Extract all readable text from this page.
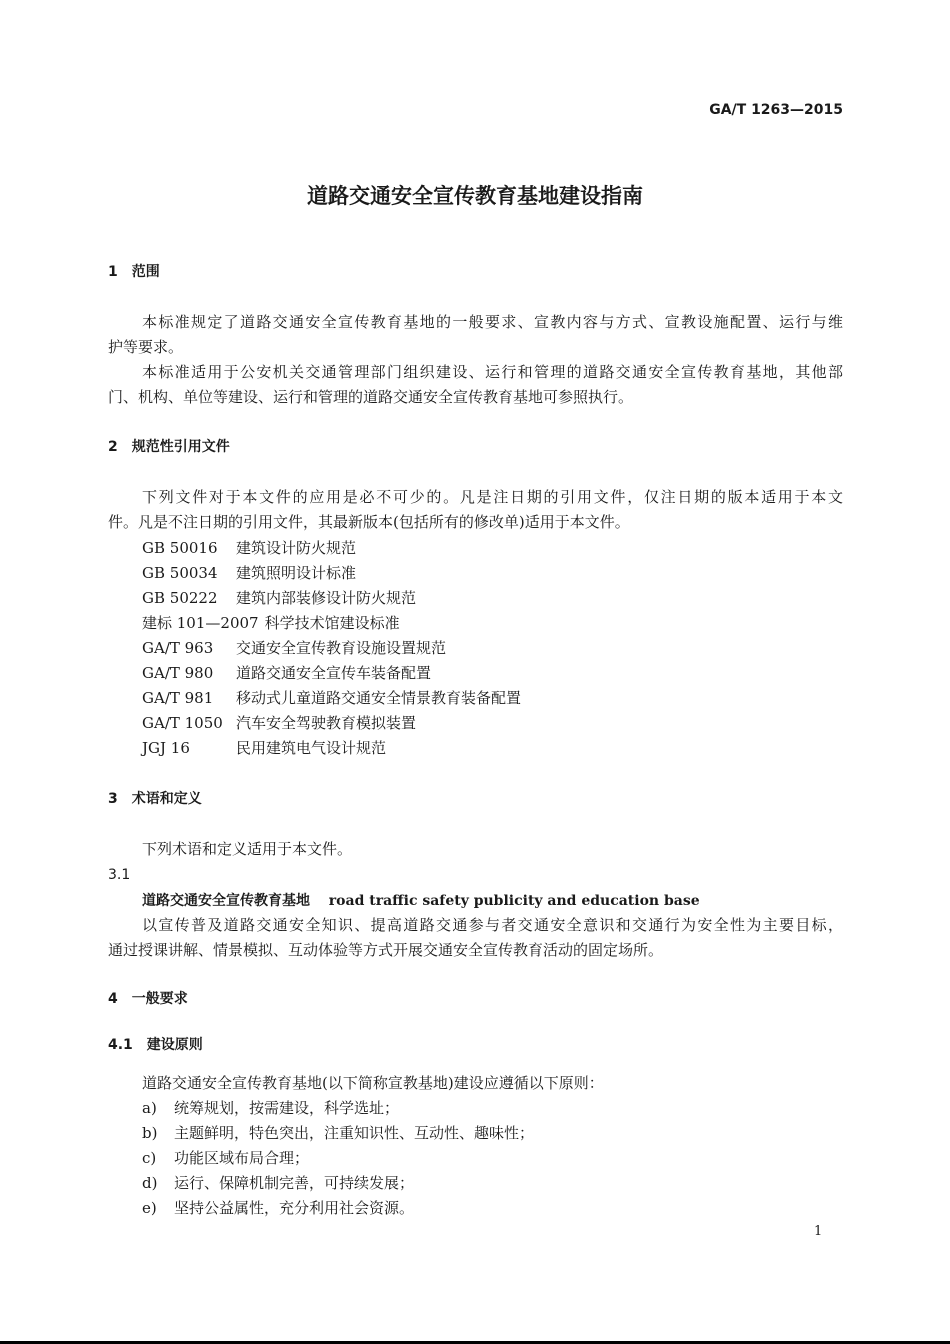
GA/T 1263—2015
道路交通安全宣传教育基地建设指南
1　范围
本标准规定了道路交通安全宣传教育基地的一般要求、宣教内容与方式、宣教设施配置、运行与维
护等要求。
本标准适用于公安机关交通管理部门组织建设、运行和管理的道路交通安全宣传教育基地，其他部
门、机构、单位等建设、运行和管理的道路交通安全宣传教育基地可参照执行。
2　规范性引用文件
下列文件对于本文件的应用是必不可少的。凡是注日期的引用文件，仅注日期的版本适用于本文
件。凡是不注日期的引用文件，其最新版本(包括所有的修改单)适用于本文件。
GB 50016 建筑设计防火规范
GB 50034 建筑照明设计标准
GB 50222 建筑内部装修设计防火规范
建标 101—2007 科学技术馆建设标准
GA/T 963 交通安全宣传教育设施设置规范
GA/T 980 道路交通安全宣传车装备配置
GA/T 981 移动式儿童道路交通安全情景教育装备配置
GA/T 1050 汽车安全驾驶教育模拟装置
JGJ 16	民用建筑电气设计规范
3　术语和定义
下列术语和定义适用于本文件。
3.1
道路交通安全宣传教育基地 road traffic safety publicity and education base
以宣传普及道路交通安全知识、提高道路交通参与者交通安全意识和交通行为安全性为主要目标，
通过授课讲解、情景模拟、互动体验等方式开展交通安全宣传教育活动的固定场所。
4　一般要求
4.1　建设原则
道路交通安全宣传教育基地(以下简称宣教基地)建设应遵循以下原则：
a) 统筹规划，按需建设，科学选址；
b) 主题鲜明，特色突出，注重知识性、互动性、趣味性；
c) 功能区域布局合理；
d) 运行、保障机制完善，可持续发展；
e) 坚持公益属性，充分利用社会资源。
1
